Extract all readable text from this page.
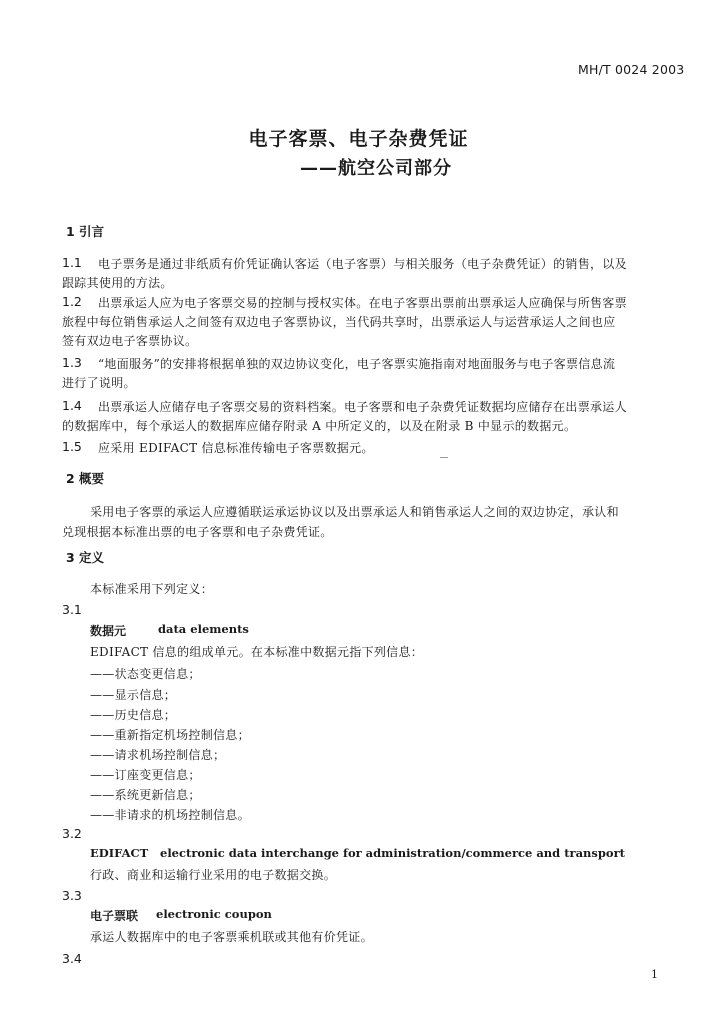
MH/T 0024 2003
电子客票、电子杂费凭证
——航空公司部分
1 引言
1.1 电子票务是通过非纸质有价凭证确认客运（电子客票）与相关服务（电子杂费凭证）的销售，以及
跟踪其使用的方法。
1.2 出票承运人应为电子客票交易的控制与授权实体。在电子客票出票前出票承运人应确保与所售客票
旅程中每位销售承运人之间签有双边电子客票协议，当代码共享时，出票承运人与运营承运人之间也应
签有双边电子客票协议。
1.3 “地面服务”的安排将根据单独的双边协议变化，电子客票实施指南对地面服务与电子客票信息流
进行了说明。
1.4 出票承运人应储存电子客票交易的资料档案。电子客票和电子杂费凭证数据均应储存在出票承运人
的数据库中，每个承运人的数据库应储存附录 A 中所定义的，以及在附录 B 中显示的数据元。
1.5 应采用 EDIFACT 信息标准传输电子客票数据元。
2 概要
采用电子客票的承运人应遵循联运承运协议以及出票承运人和销售承运人之间的双边协定，承认和
兑现根据本标准出票的电子客票和电子杂费凭证。
3 定义
本标准采用下列定义：
3.1
数据元	data elements
EDIFACT 信息的组成单元。在本标准中数据元指下列信息：
——状态变更信息；
——显示信息；
——历史信息；
——重新指定机场控制信息；
——请求机场控制信息；
——订座变更信息；
——系统更新信息；
——非请求的机场控制信息。
3.2
EDIFACT electronic data interchange for administration/commerce and transport
行政、商业和运输行业采用的电子数据交换。
3.3
电子票联 electronic coupon
承运人数据库中的电子客票乘机联或其他有价凭证。
3.4
1
